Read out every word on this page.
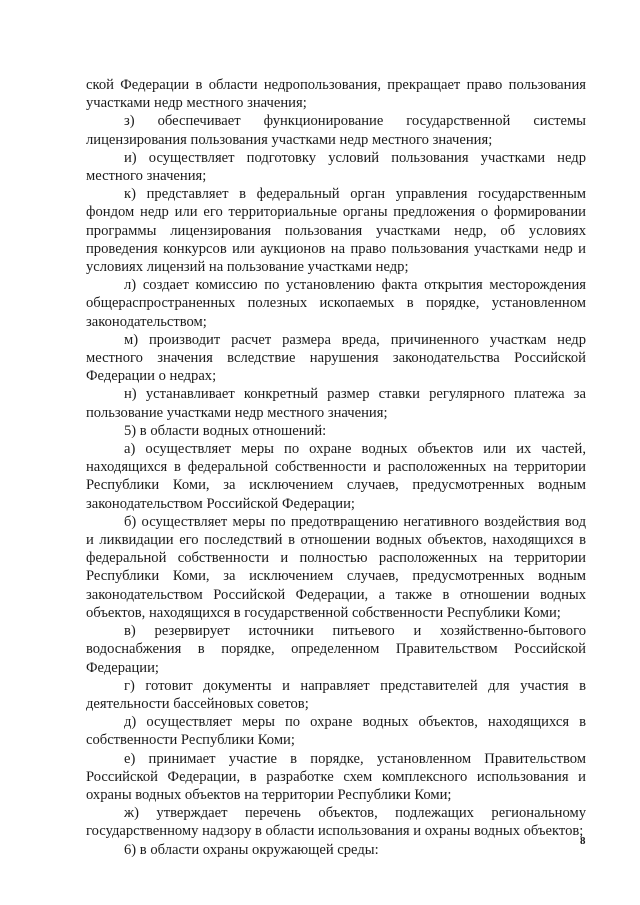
ской Федерации в области недропользования, прекращает право пользования участками недр местного значения;

з) обеспечивает функционирование государственной системы лицензирования пользования участками недр местного значения;

и) осуществляет подготовку условий пользования участками недр местного значения;

к) представляет в федеральный орган управления государственным фондом недр или его территориальные органы предложения о формировании программы лицензирования пользования участками недр, об условиях проведения конкурсов или аукционов на право пользования участками недр и условиях лицензий на пользование участками недр;

л) создает комиссию по установлению факта открытия месторождения общераспространенных полезных ископаемых в порядке, установленном законодательством;

м) производит расчет размера вреда, причиненного участкам недр местного значения вследствие нарушения законодательства Российской Федерации о недрах;

н) устанавливает конкретный размер ставки регулярного платежа за пользование участками недр местного значения;

5) в области водных отношений:

а) осуществляет меры по охране водных объектов или их частей, находящихся в федеральной собственности и расположенных на территории Республики Коми, за исключением случаев, предусмотренных водным законодательством Российской Федерации;

б) осуществляет меры по предотвращению негативного воздействия вод и ликвидации его последствий в отношении водных объектов, находящихся в федеральной собственности и полностью расположенных на территории Республики Коми, за исключением случаев, предусмотренных водным законодательством Российской Федерации, а также в отношении водных объектов, находящихся в государственной собственности Республики Коми;

в) резервирует источники питьевого и хозяйственно-бытового водоснабжения в порядке, определенном Правительством Российской Федерации;

г) готовит документы и направляет представителей для участия в деятельности бассейновых советов;

д) осуществляет меры по охране водных объектов, находящихся в собственности Республики Коми;

е) принимает участие в порядке, установленном Правительством Российской Федерации, в разработке схем комплексного использования и охраны водных объектов на территории Республики Коми;

ж) утверждает перечень объектов, подлежащих региональному государственному надзору в области использования и охраны водных объектов;

6) в области охраны окружающей среды:

8
